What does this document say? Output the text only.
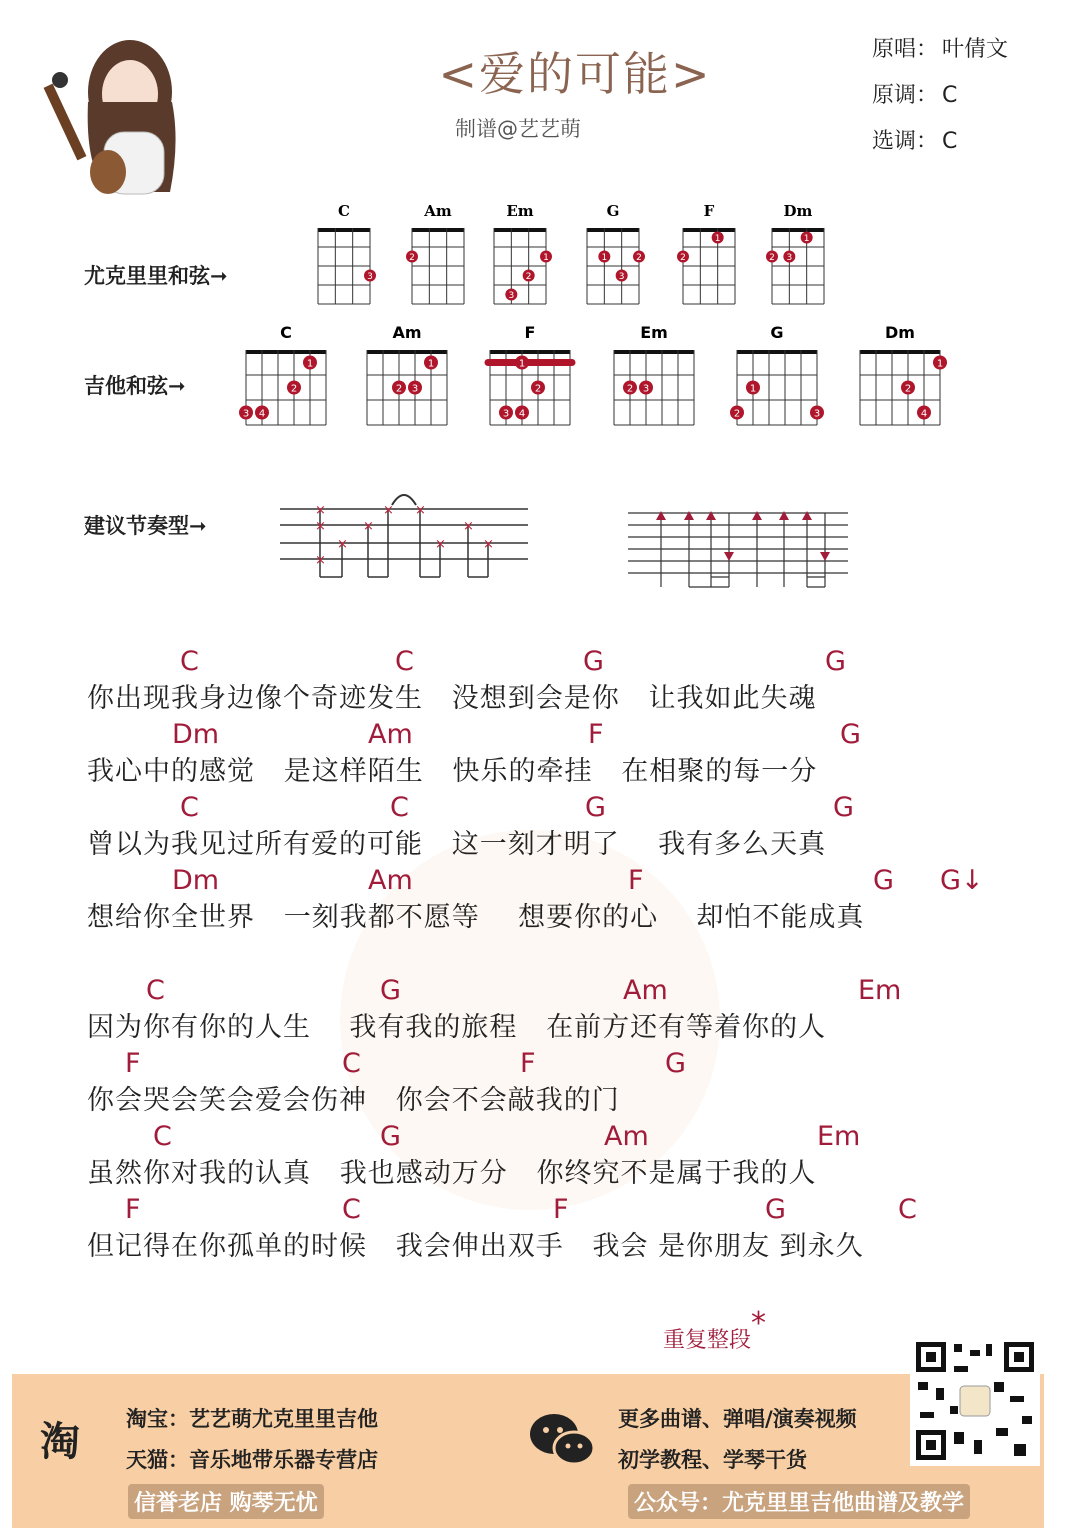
<爱的可能>
制谱@艺艺萌
原唱： 叶倩文
原调： C
选调： C
尤克里里和弦➞
吉他和弦➞
建议节奏型➞
C
3
Am
2
Em
1
2
3
G
1	2
3
F
1
2
Dm
1
2 3
C
1
2
3 4
Am
1
2 3
F
1
2
3 4
Em
2 3
G
1
2	3
Dm
1
2
4
×
×
×
×
×
× ×
×
×
×
C	C	G	G
你出现我身边像个奇迹发生   没想到会是你   让我如此失魂
Dm	Am	F	G
我心中的感觉   是这样陌生   快乐的牵挂   在相聚的每一分
C	C	G	G
曾以为我见过所有爱的可能   这一刻才明了    我有多么天真
Dm	Am	F	G G↓
想给你全世界   一刻我都不愿等    想要你的心    却怕不能成真
C	G	Am	Em
因为你有你的人生    我有我的旅程   在前方还有等着你的人
F	C	F	G
你会哭会笑会爱会伤神   你会不会敲我的门
C	G	Am	Em
虽然你对我的认真   我也感动万分   你终究不是属于我的人
F	C	F	G	C
但记得在你孤单的时候   我会伸出双手   我会 是你朋友 到永久
重复整段*
淘 淘宝：艺艺萌尤克里里吉他
天猫：音乐地带乐器专营店
信誉老店 购琴无忧
更多曲谱、弹唱/演奏视频
初学教程、学琴干货
公众号：尤克里里吉他曲谱及教学
